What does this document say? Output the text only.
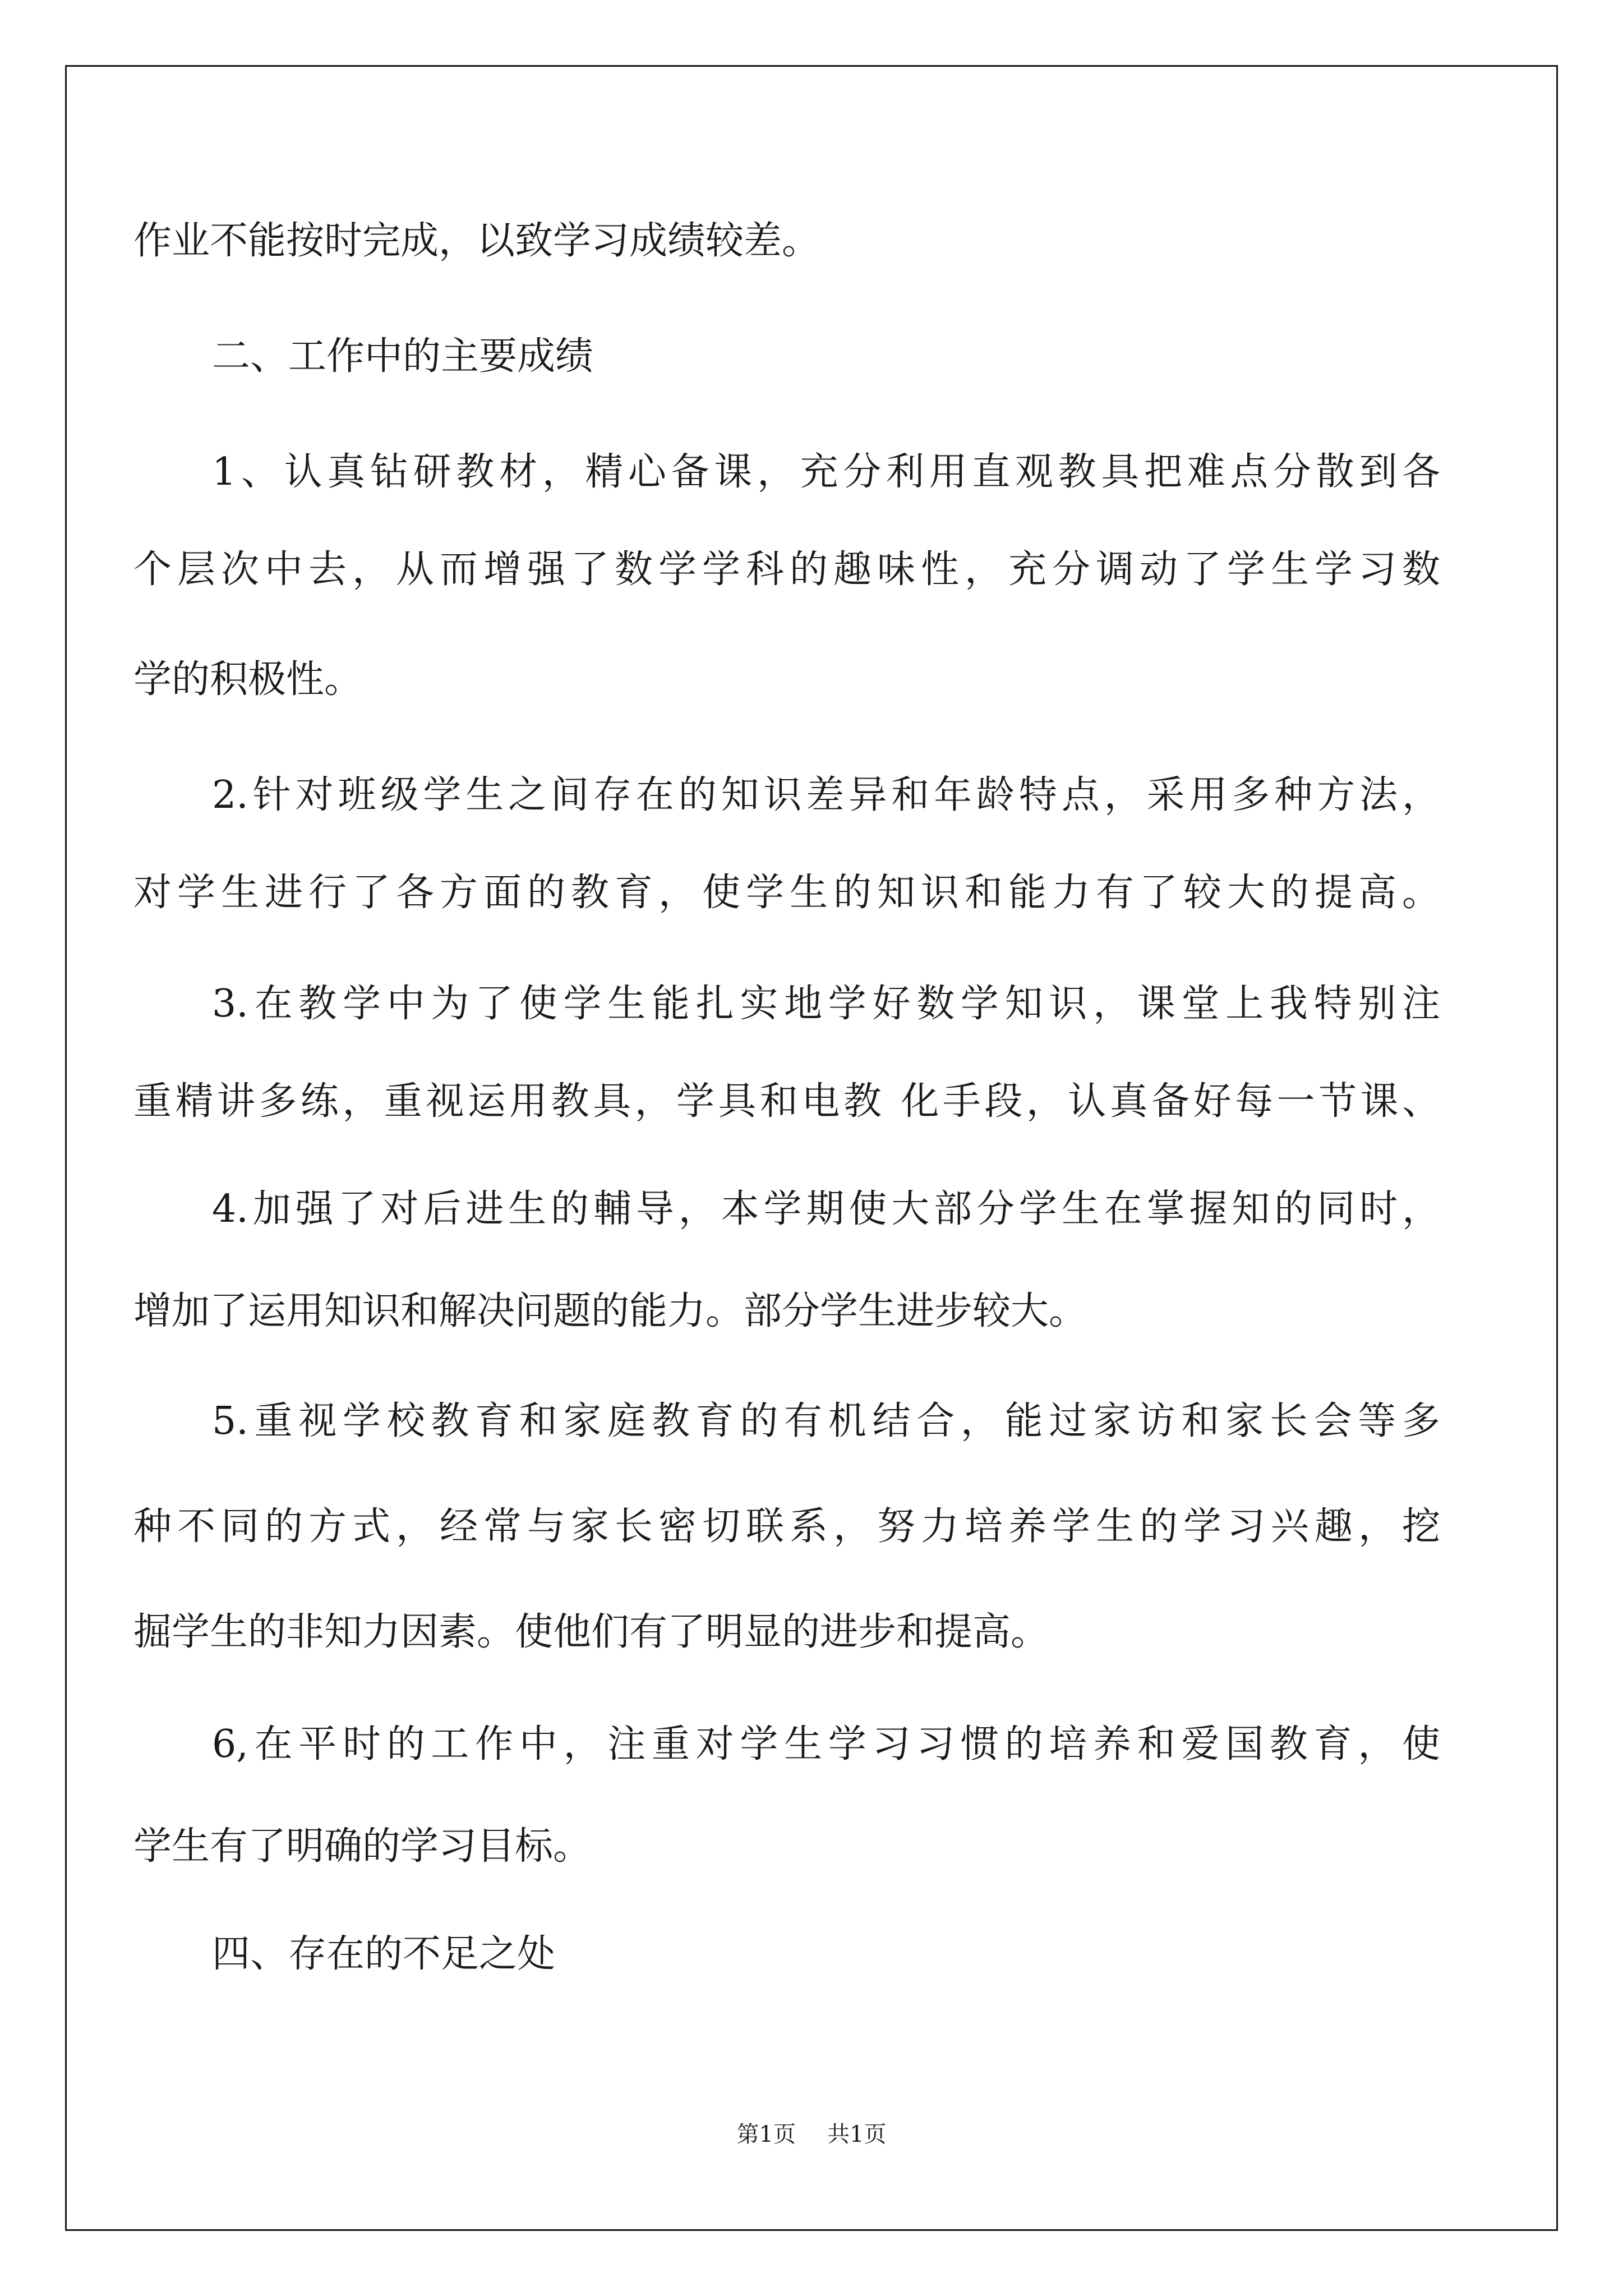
作业不能按时完成，以致学习成绩较差。
二、工作中的主要成绩
1、认真钻研教材，精心备课，充分利用直观教具把难点分散到各
个层次中去，从而增强了数学学科的趣味性，充分调动了学生学习数
学的积极性。
2.针对班级学生之间存在的知识差异和年龄特点，采用多种方法，
对学生进行了各方面的教育，使学生的知识和能力有了较大的提高。
3.在教学中为了使学生能扎实地学好数学知识，课堂上我特别注
重精讲多练，重视运用教具，学具和电教 化手段，认真备好每一节课、
4.加强了对后进生的輔导，本学期使大部分学生在掌握知的同时，
增加了运用知识和解决问题的能力。部分学生进步较大。
5.重视学校教育和家庭教育的有机结合，能过家访和家长会等多
种不同的方式，经常与家长密切联系，努力培养学生的学习兴趣，挖
掘学生的非知力因素。使他们有了明显的进步和提高。
6,在平时的工作中，注重对学生学习习惯的培养和爱国教育，使
学生有了明确的学习目标。
四、存在的不足之处
第1页 共1页
